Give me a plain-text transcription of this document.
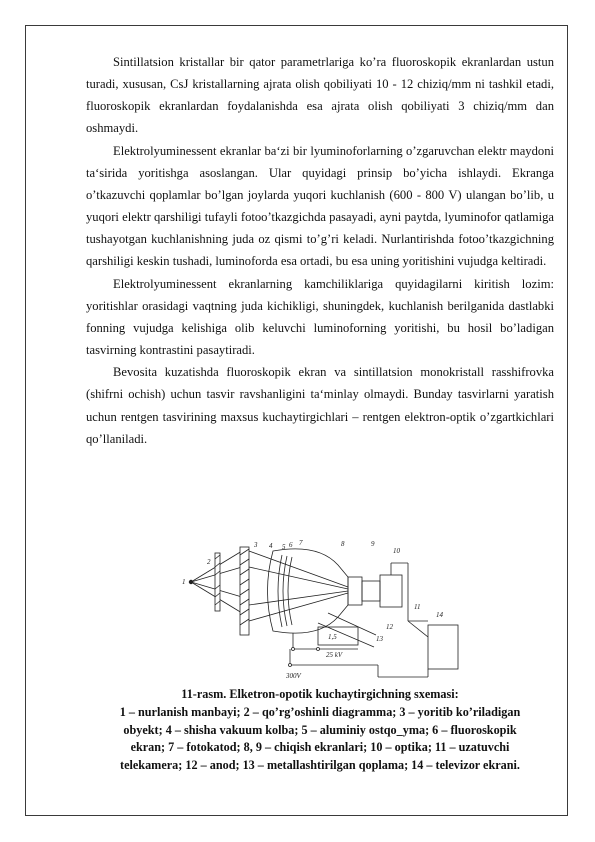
Sintillatsion kristallar bir qator parametrlariga ko’ra fluoroskopik ekranlardan ustun turadi, xususan, CsJ kristallarning ajrata olish qobiliyati 10 - 12 chiziq/mm ni tashkil etadi, fluoroskopik ekranlardan foydalanishda esa ajrata olish qobiliyati 3 chiziq/mm dan oshmaydi.

Elektrolyuminessent ekranlar ba‘zi bir lyuminoforlarning o’zgaruvchan elektr maydoni ta‘sirida yoritishga asoslangan. Ular quyidagi prinsip bo’yicha ishlaydi. Ekranga o’tkazuvchi qoplamlar bo’lgan joylarda yuqori kuchlanish (600 - 800 V) ulangan bo’lib, u yuqori elektr qarshiligi tufayli fotoo’tkazgichda pasayadi, ayni paytda, lyuminofor qatlamiga tushayotgan kuchlanishning juda oz qismi to’g’ri keladi. Nurlantirishda fotoo’tkazgichning qarshiligi keskin tushadi, luminoforda esa ortadi, bu esa uning yoritishini vujudga keltiradi.

Elektrolyuminessent ekranlarning kamchiliklariga quyidagilarni kiritish lozim: yoritishlar orasidagi vaqtning juda kichikligi, shuningdek, kuchlanish berilganida dastlabki fonning vujudga kelishiga olib keluvchi luminoforning yoritishi, bu hosil bo’ladigan tasvirning kontrastini pasaytiradi.

Bevosita kuzatishda fluoroskopik ekran va sintillatsion monokristall rasshifrovka (shifrni ochish) uchun tasvir ravshanligini ta‘minlay olmaydi. Bunday tasvirlarni yaratish uchun rentgen tasvirining maxsus kuchaytirgichlari – rentgen elektron-optik o’zgartkichlari qo’llaniladi.

1
2
3 4 5 6 7	8	9
10
11
12
13
14
1,5
25 kV
300V
11-rasm. Elketron-opotik kuchaytirgichning sxemasi:
1 – nurlanish manbayi; 2 – qo’rg’oshinli diagramma; 3 – yoritib ko’riladigan
obyekt; 4 – shisha vakuum kolba; 5 – aluminiy ostqo_yma; 6 – fluoroskopik
ekran; 7 – fotokatod; 8, 9 – chiqish ekranlari; 10 – optika; 11 – uzatuvchi
telekamera; 12 – anod; 13 – metallashtirilgan qoplama; 14 – televizor ekrani.
